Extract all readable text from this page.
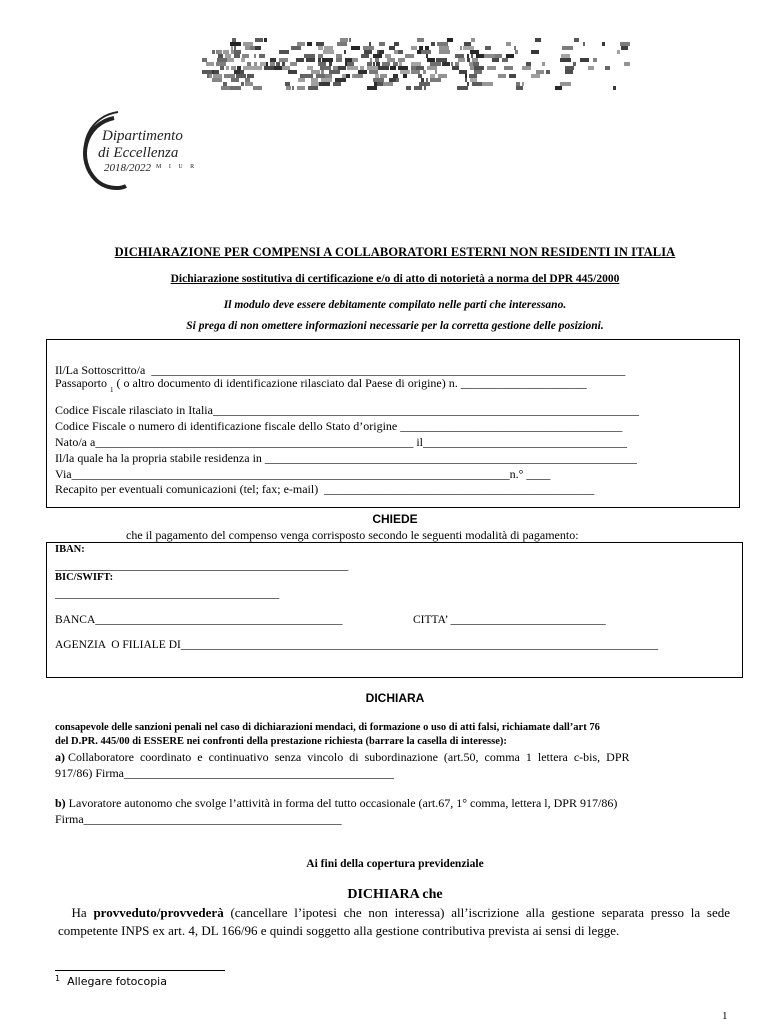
Dipartimento
di Eccellenza
2018/2022 M I U R
DICHIARAZIONE PER COMPENSI A COLLABORATORI ESTERNI NON RESIDENTI IN ITALIA
Dichiarazione sostitutiva di certificazione e/o di atto di notorietà a norma del DPR 445/2000
Il modulo deve essere debitamente compilato nelle parti che interessano.
Si prega di non omettere informazioni necessarie per la corretta gestione delle posizioni.
Il/La Sottoscritto/a  _______________________________________________________________________________
Passaporto $_1$ ( o altro documento di identificazione rilasciato dal Paese di origine) n. _____________________
Codice Fiscale rilasciato in Italia_______________________________________________________________________
Codice Fiscale o numero di identificazione fiscale dello Stato d’origine _____________________________________
Nato/a a_____________________________________________________ il__________________________________
Il/la quale ha la propria stabile residenza in ______________________________________________________________
Via_________________________________________________________________________n.° ____
Recapito per eventuali comunicazioni (tel; fax; e-mail)  _____________________________________________
CHIEDE
che il pagamento del compenso venga corrisposto secondo le seguenti modalità di pagamento:
IBAN:
___________________________________________________
BIC/SWIFT:
_______________________________________
BANCA___________________________________________	CITTA’ ___________________________
AGENZIA  O FILIALE DI___________________________________________________________________________________
DICHIARA
consapevole delle sanzioni penali nel caso di dichiarazioni mendaci, di formazione o uso di atti falsi, richiamate dall’art 76
del D.PR. 445/00 di ESSERE nei confronti della prestazione richiesta (barrare la casella di interesse):
a) Collaboratore  coordinato  e  continuativo  senza  vincolo  di  subordinazione  (art.50,  comma  1  lettera  c-bis,  DPR
917/86) Firma_____________________________________________
b) Lavoratore autonomo che svolge l’attività in forma del tutto occasionale (art.67, 1° comma, lettera l, DPR 917/86)
Firma___________________________________________
Ai fini della copertura previdenziale
DICHIARA che
Ha provveduto/provvederà (cancellare l’ipotesi che non interessa) all’iscrizione alla gestione separata presso la sede competente INPS ex art. 4, DL 166/96 e quindi soggetto alla gestione contributiva prevista ai sensi di legge.
$^1$ Allegare fotocopia
1
